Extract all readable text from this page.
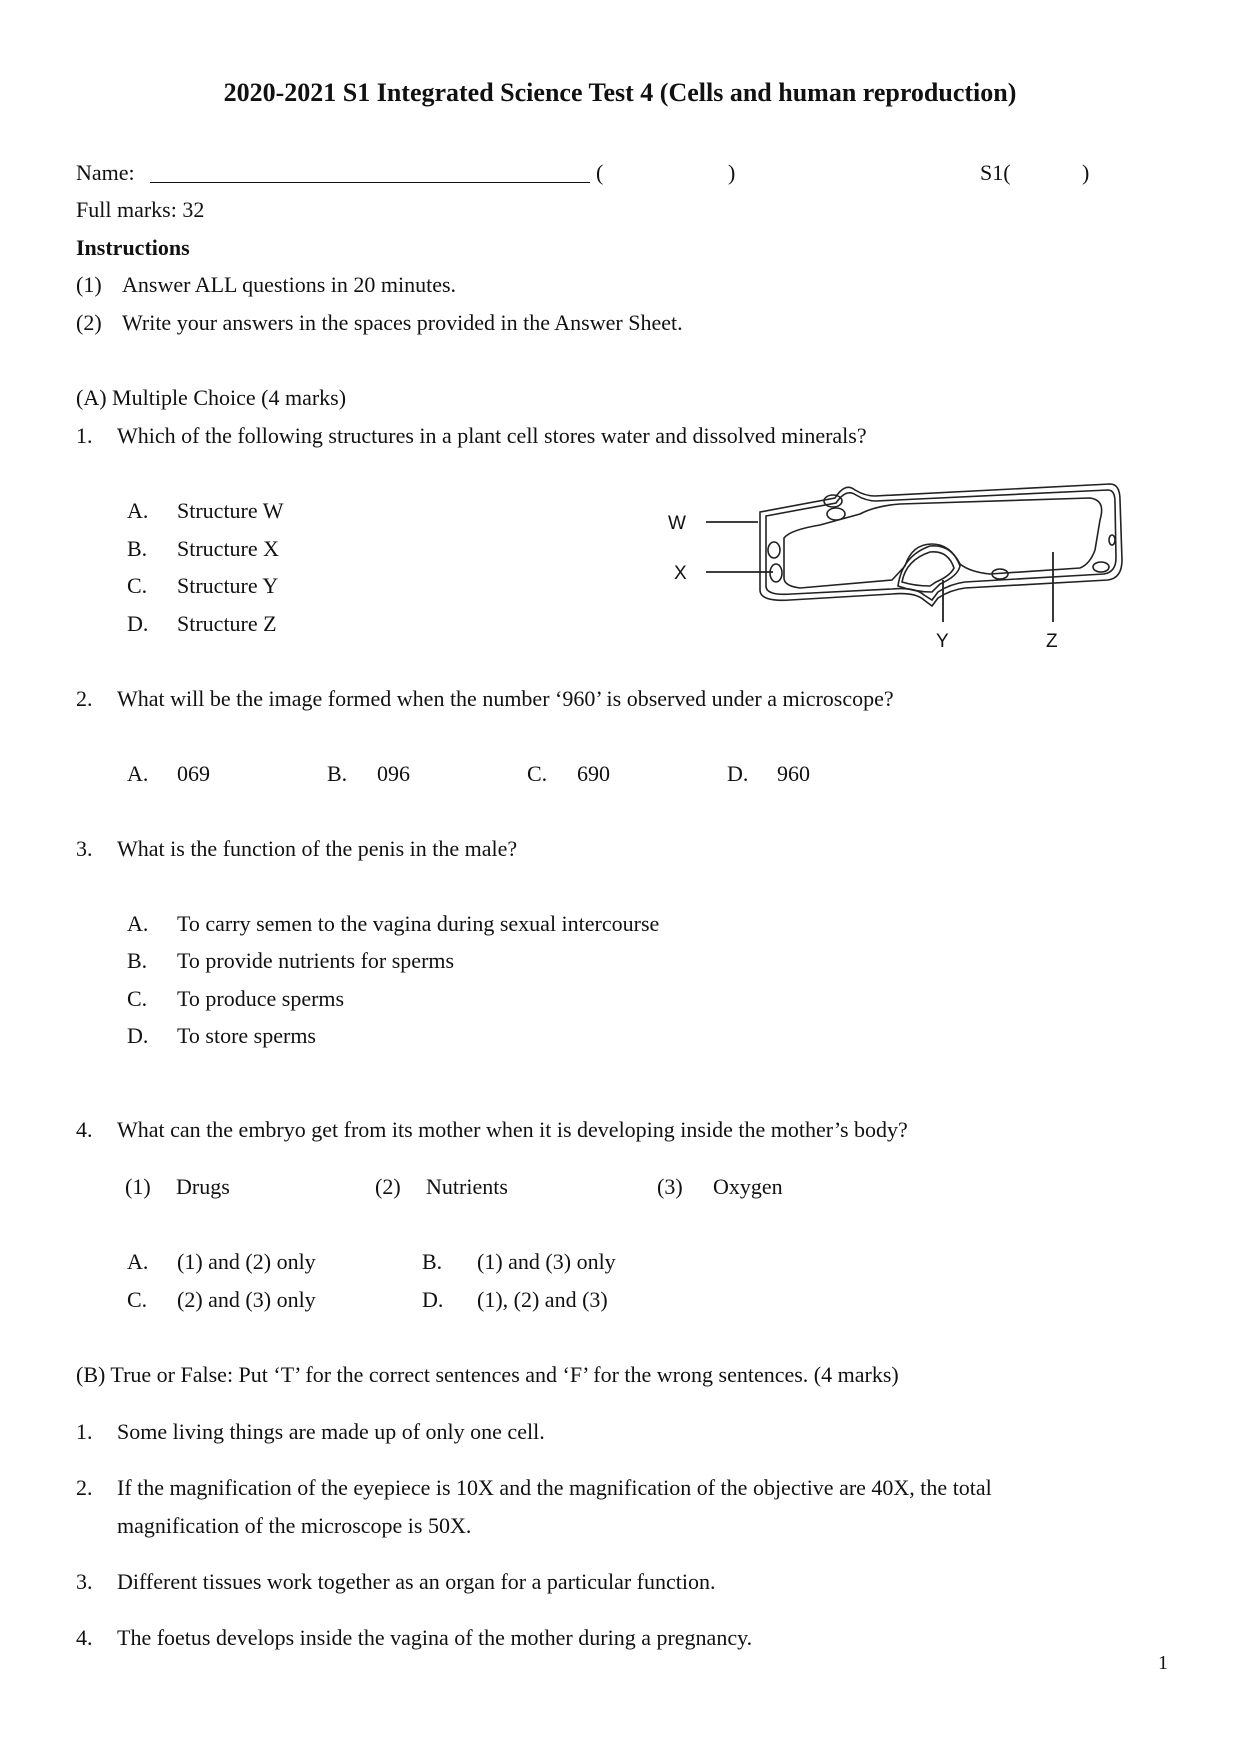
2020-2021 S1 Integrated Science Test 4 (Cells and human reproduction)
Name:	(	)	S1(	)
Full marks: 32
Instructions
(1) Answer ALL questions in 20 minutes.
(2) Write your answers in the spaces provided in the Answer Sheet.
(A) Multiple Choice (4 marks)
1. Which of the following structures in a plant cell stores water and dissolved minerals?
A. Structure W
B. Structure X
C. Structure Y
D. Structure Z
W
X
Y	Z
2. What will be the image formed when the number ‘960’ is observed under a microscope?
A. 069	B. 096	C. 690	D. 960
3. What is the function of the penis in the male?
A. To carry semen to the vagina during sexual intercourse
B. To provide nutrients for sperms
C. To produce sperms
D. To store sperms
4. What can the embryo get from its mother when it is developing inside the mother’s body?
(1) Drugs	(2) Nutrients	(3) Oxygen
A. (1) and (2) only	B. (1) and (3) only
C. (2) and (3) only	D. (1), (2) and (3)
(B) True or False: Put ‘T’ for the correct sentences and ‘F’ for the wrong sentences. (4 marks)
1. Some living things are made up of only one cell.
2. If the magnification of the eyepiece is 10X and the magnification of the objective are 40X, the total
magnification of the microscope is 50X.
3. Different tissues work together as an organ for a particular function.
4. The foetus develops inside the vagina of the mother during a pregnancy.
1
